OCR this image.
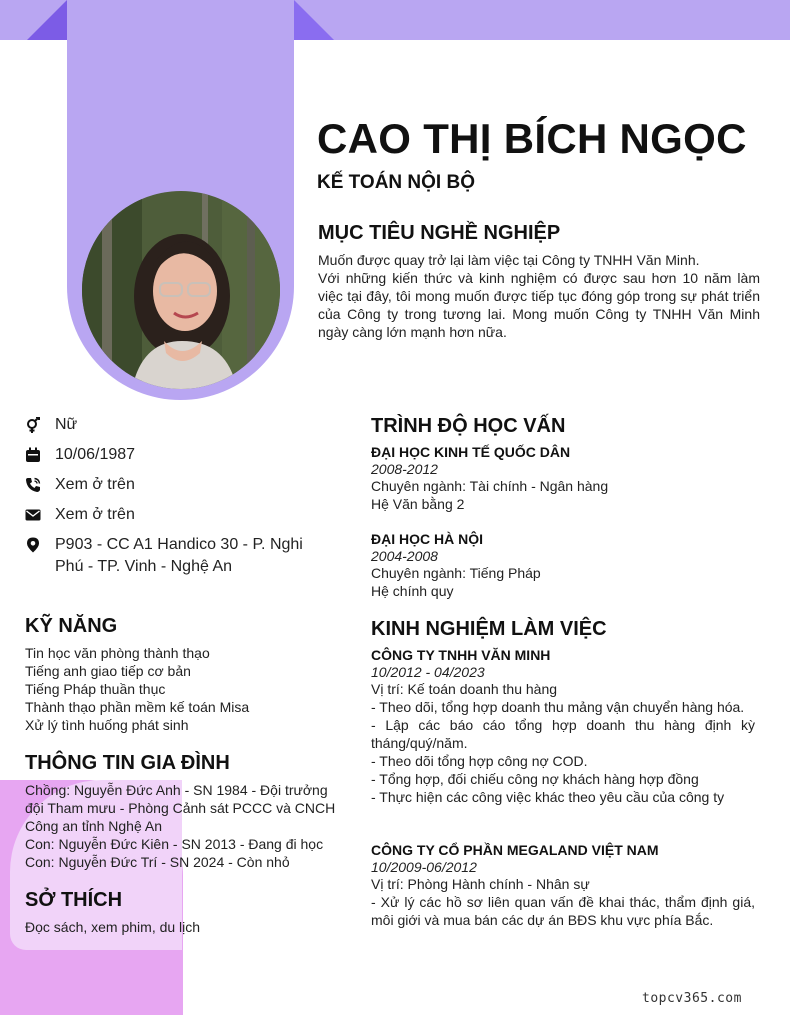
CAO THỊ BÍCH NGỌC
KẾ TOÁN NỘI BỘ
MỤC TIÊU NGHỀ NGHIỆP

Muốn được quay trở lại làm việc tại Công ty TNHH Văn Minh.

Với những kiến thức và kinh nghiệm có được sau hơn 10 năm làm việc tại đây, tôi mong muốn được tiếp tục đóng góp trong sự phát triển của Công ty trong tương lai. Mong muốn Công ty TNHH Văn Minh ngày càng lớn mạnh hơn nữa.

Nữ
10/06/1987
Xem ở trên
Xem ở trên
P903 - CC A1 Handico 30 - P. Nghi
Phú - TP. Vinh - Nghệ An
KỸ NĂNG
Tin học văn phòng thành thạo
Tiếng anh giao tiếp cơ bản
Tiếng Pháp thuần thục
Thành thạo phần mềm kế toán Misa
Xử lý tình huống phát sinh
THÔNG TIN GIA ĐÌNH
Chồng: Nguyễn Đức Anh - SN 1984 - Đội trưởng
đội Tham mưu - Phòng Cảnh sát PCCC và CNCH
Công an tỉnh Nghệ An
Con: Nguyễn Đức Kiên - SN 2013 - Đang đi học
Con: Nguyễn Đức Trí - SN 2024 - Còn nhỏ
SỞ THÍCH
Đọc sách, xem phim, du lịch
TRÌNH ĐỘ HỌC VẤN
ĐẠI HỌC KINH TẾ QUỐC DÂN
2008-2012
Chuyên ngành: Tài chính - Ngân hàng
Hệ Văn bằng 2
ĐẠI HỌC HÀ NỘI
2004-2008
Chuyên ngành: Tiếng Pháp
Hệ chính quy
KINH NGHIỆM LÀM VIỆC
CÔNG TY TNHH VĂN MINH
10/2012 - 04/2023
Vị trí: Kế toán doanh thu hàng
- Theo dõi, tổng hợp doanh thu mảng vận chuyển hàng hóa.
- Lập các báo cáo tổng hợp doanh thu hàng định kỳ tháng/quý/năm.
- Theo dõi tổng hợp công nợ COD.
- Tổng hợp, đối chiếu công nợ khách hàng hợp đồng
- Thực hiện các công việc khác theo yêu cầu của công ty
CÔNG TY CỔ PHẦN MEGALAND VIỆT NAM
10/2009-06/2012
Vị trí: Phòng Hành chính - Nhân sự
- Xử lý các hồ sơ liên quan vấn đề khai thác, thẩm định giá, môi giới và mua bán các dự án BĐS khu vực phía Bắc.
topcv365.com
